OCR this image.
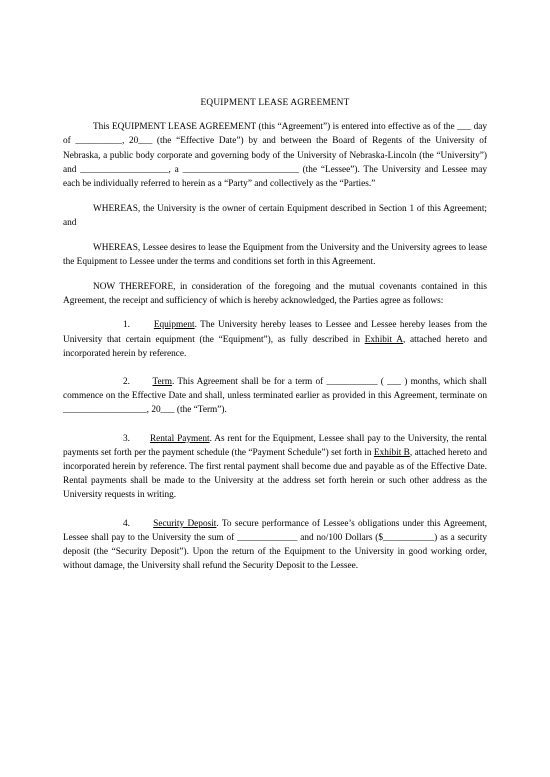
EQUIPMENT LEASE AGREEMENT

This EQUIPMENT LEASE AGREEMENT (this “Agreement”) is entered into effective as of the ___ day of __________, 20___ (the “Effective Date”) by and between the Board of Regents of the University of Nebraska, a public body corporate and governing body of the University of Nebraska-Lincoln (the “University”) and ___________________, a _________________________ (the “Lessee”). The University and Lessee may each be individually referred to herein as a “Party” and collectively as the “Parties.”

WHEREAS, the University is the owner of certain Equipment described in Section 1 of this Agreement; and

WHEREAS, Lessee desires to lease the Equipment from the University and the University agrees to lease the Equipment to Lessee under the terms and conditions set forth in this Agreement.

NOW THEREFORE, in consideration of the foregoing and the mutual covenants contained in this Agreement, the receipt and sufficiency of which is hereby acknowledged, the Parties agree as follows:

1.	Equipment. The University hereby leases to Lessee and Lessee hereby leases from the University that certain equipment (the “Equipment”), as fully described in Exhibit A, attached hereto and incorporated herein by reference.

2. Term. This Agreement shall be for a term of ___________ ( ___ ) months, which shall commence on the Effective Date and shall, unless terminated earlier as provided in this Agreement, terminate on __________________, 20___ (the “Term”).

3. Rental Payment. As rent for the Equipment, Lessee shall pay to the University, the rental payments set forth per the payment schedule (the “Payment Schedule”) set forth in Exhibit B, attached hereto and incorporated herein by reference. The first rental payment shall become due and payable as of the Effective Date. Rental payments shall be made to the University at the address set forth herein or such other address as the University requests in writing.

4. Security Deposit. To secure performance of Lessee’s obligations under this Agreement, Lessee shall pay to the University the sum of _____________ and no/100 Dollars ($___________) as a security deposit (the “Security Deposit”). Upon the return of the Equipment to the University in good working order, without damage, the University shall refund the Security Deposit to the Lessee.
